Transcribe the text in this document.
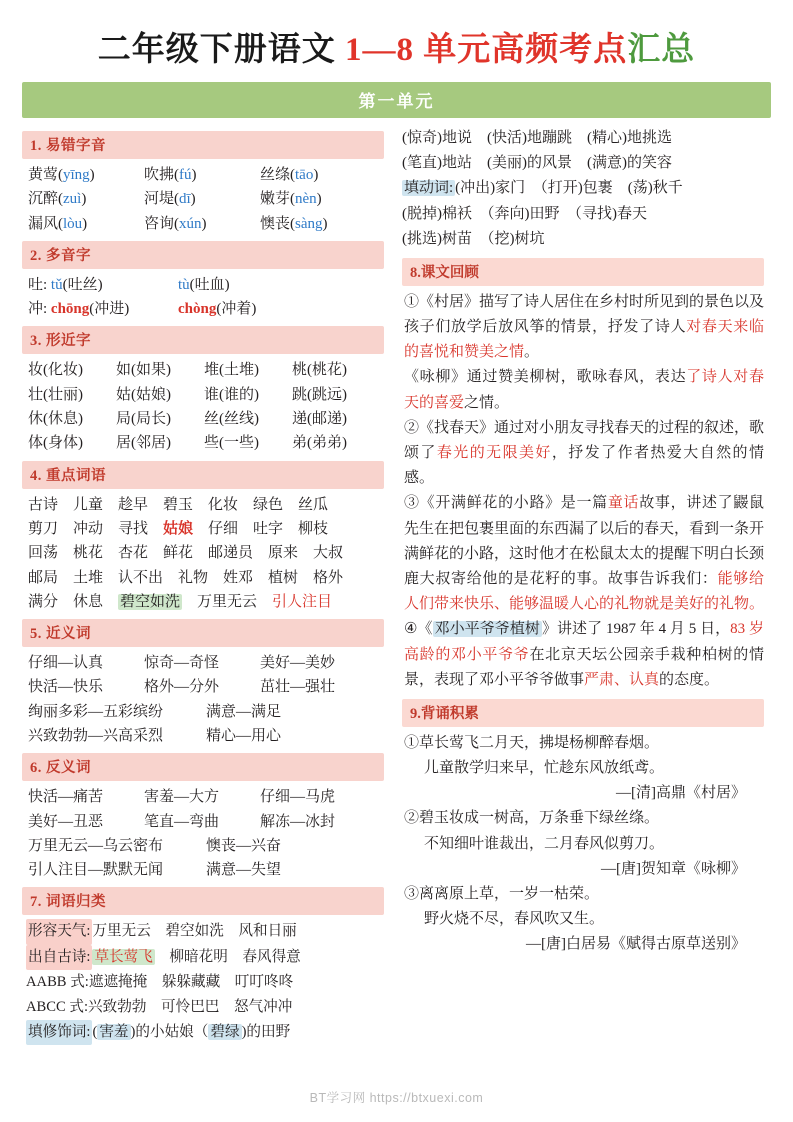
二年级下册语文 1—8 单元高频考点汇总
第一单元
1. 易错字音
黄莺(yīng)	吹拂(fú)	丝绦(tāo)
沉醉(zuì)	河堤(dī)	嫩芽(nèn)
漏风(lòu)	咨询(xún)	懊丧(sàng)
2. 多音字
吐: tǔ(吐丝)	tù(吐血)
冲: chōng(冲进)	chòng(冲着)
3. 形近字
妆(化妆)	如(如果)	堆(土堆)	桃(桃花)
壮(壮丽)	姑(姑娘)	谁(谁的)	跳(跳远)
休(休息)	局(局长)	丝(丝线)	递(邮递)
体(身体)	居(邻居)	些(一些)	弟(弟弟)
4. 重点词语
古诗　儿童　趁早　碧玉　化妆　绿色　丝瓜
剪刀　冲动　寻找　姑娘　仔细　吐字　柳枝
回荡　桃花　杏花　鲜花　邮递员　原来　大叔
邮局　土堆　认不出　礼物　姓邓　植树　格外
满分　休息　碧空如洗　万里无云　引人注目
5. 近义词
仔细—认真	惊奇—奇怪	美好—美妙
快活—快乐	格外—分外	茁壮—强壮
绚丽多彩—五彩缤纷	满意—满足
兴致勃勃—兴高采烈	精心—用心
6. 反义词
快活—痛苦	害羞—大方	仔细—马虎
美好—丑恶	笔直—弯曲	解冻—冰封
万里无云—乌云密布	懊丧—兴奋
引人注目—默默无闻	满意—失望
7. 词语归类
形容天气: 万里无云　碧空如洗　风和日丽
出自古诗: 草长莺飞　柳暗花明　春风得意
AABB 式:遮遮掩掩　躲躲藏藏　叮叮咚咚
ABCC 式:兴致勃勃　可怜巴巴　怒气冲冲
填修饰词: ( 害羞 )的小姑娘（ 碧绿 )的田野
(惊奇)地说　 (快活)地蹦跳　 (精心)地挑选
(笔直)地站　 (美丽)的风景　 (满意)的笑容
填动词: (冲出)家门　 （打开)包裹　 (荡)秋千
(脱掉)棉袄　 （奔向)田野　 （寻找)春天
(挑选)树苗　 （挖)树坑
8.课文回顾
①《村居》描写了诗人居住在乡村时所见到的景色以及孩子们放学后放风筝的情景，抒发了诗人对春天来临的喜悦和赞美之情。
《咏柳》通过赞美柳树，歌咏春风，表达了诗人对春天的喜爱之情。
②《找春天》通过对小朋友寻找春天的过程的叙述，歌颂了春光的无限美好，抒发了作者热爱大自然的情感。
③《开满鲜花的小路》是一篇童话故事，讲述了鼹鼠先生在把包裹里面的东西漏了以后的春天，看到一条开满鲜花的小路，这时他才在松鼠太太的提醒下明白长颈鹿大叔寄给他的是花籽的事。故事告诉我们：能够给人们带来快乐、能够温暖人心的礼物就是美好的礼物。
④《 邓小平爷爷植树 》讲述了 1987 年 4 月 5 日，83 岁高龄的邓小平爷爷在北京天坛公园亲手栽种柏树的情景，表现了邓小平爷爷做事严肃、认真的态度。
9.背诵积累
①草长莺飞二月天，拂堤杨柳醉春烟。
儿童散学归来早，忙趁东风放纸鸢。
—[清]高鼎《村居》
②碧玉妆成一树高，万条垂下绿丝绦。
不知细叶谁裁出，二月春风似剪刀。
—[唐]贺知章《咏柳》
③离离原上草，一岁一枯荣。
野火烧不尽，春风吹又生。
—[唐]白居易《赋得古原草送别》
BT学习网 https://btxuexi.com
